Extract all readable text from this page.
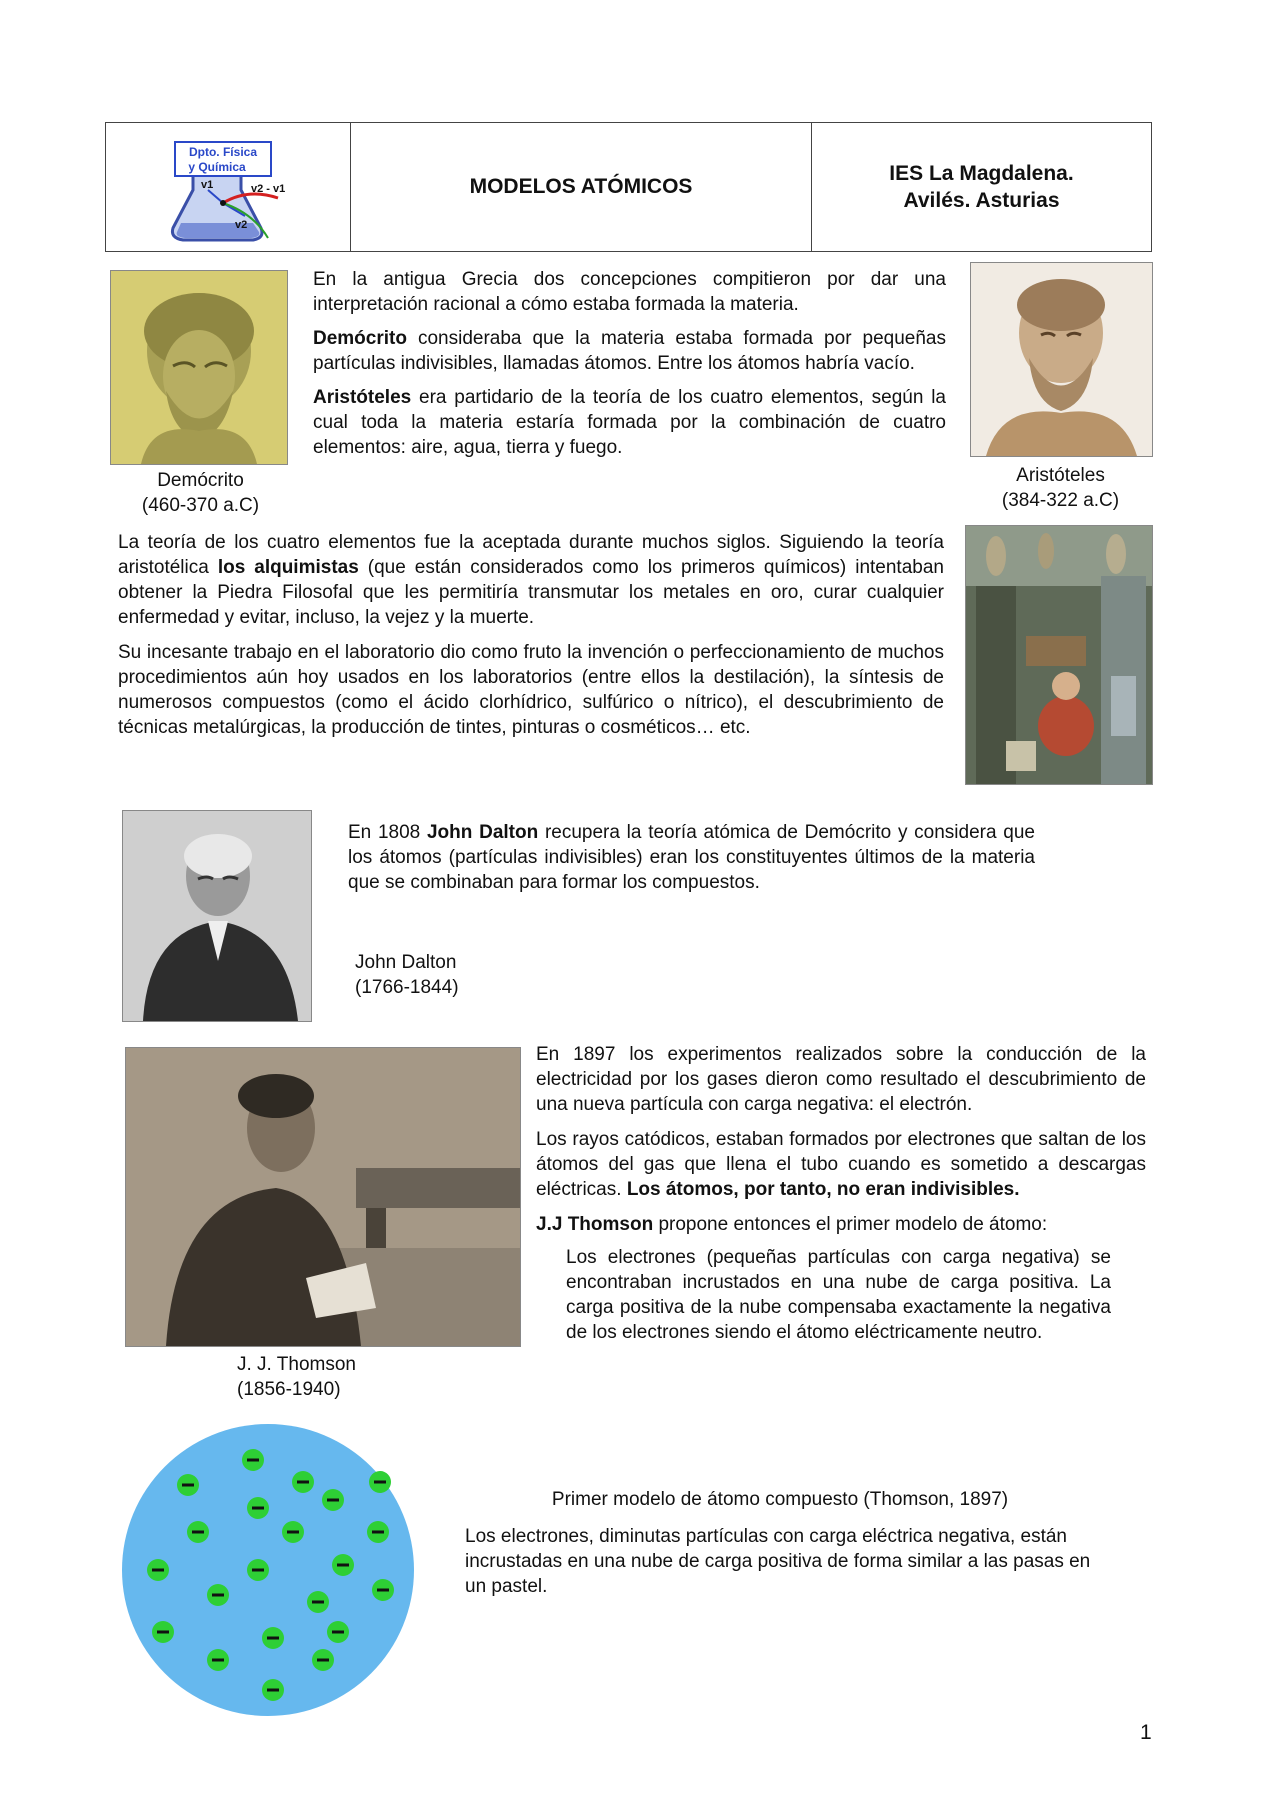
Dpto. Física
y Química
v1	v2 - v1
v2
MODELOS ATÓMICOS
IES La Magdalena.
Avilés. Asturias
Demócrito
(460-370 a.C)

En la antigua Grecia dos concepciones compitieron por dar una interpretación racional a cómo estaba formada la materia.

Demócrito consideraba que la materia estaba formada por pequeñas partículas indivisibles, llamadas átomos. Entre los átomos habría vacío.

Aristóteles era partidario de la teoría de los cuatro elementos, según la cual toda la materia estaría formada por la combinación de cuatro elementos: aire, agua, tierra y fuego.

Aristóteles
(384-322 a.C)

La teoría de los cuatro elementos fue la aceptada durante muchos siglos. Siguiendo la teoría aristotélica los alquimistas (que están considerados como los primeros químicos) intentaban obtener la Piedra Filosofal que les permitiría transmutar los metales en oro, curar cualquier enfermedad y evitar, incluso, la vejez y la muerte.

Su incesante trabajo en el laboratorio dio como fruto la invención o perfeccionamiento de muchos procedimientos aún hoy usados en los laboratorios (entre ellos la destilación), la síntesis de numerosos compuestos (como el ácido clorhídrico, sulfúrico o nítrico), el descubrimiento de técnicas metalúrgicas, la producción de tintes, pinturas o cosméticos… etc.

En 1808 John Dalton recupera la teoría atómica de Demócrito y considera que los átomos (partículas indivisibles) eran los constituyentes últimos de la materia que se combinaban para formar los compuestos.

John Dalton
(1766-1844)
J. J. Thomson
(1856-1940)

En 1897 los experimentos realizados sobre la conducción de la electricidad por los gases dieron como resultado el descubrimiento de una nueva partícula con carga negativa: el electrón.

Los rayos catódicos, estaban formados por electrones que saltan de los átomos del gas que llena el tubo cuando es sometido a descargas eléctricas. Los átomos, por tanto, no eran indivisibles.

J.J Thomson propone entonces el primer modelo de átomo:

Los electrones (pequeñas partículas con carga negativa) se encontraban incrustados en una nube de carga positiva. La carga positiva de la nube compensaba exactamente la negativa de los electrones siendo el átomo eléctricamente neutro.

Primer modelo de átomo compuesto (Thomson, 1897)
Los electrones, diminutas partículas con carga eléctrica negativa, están incrustadas en una nube de carga positiva de forma similar a las pasas en un pastel.
1
